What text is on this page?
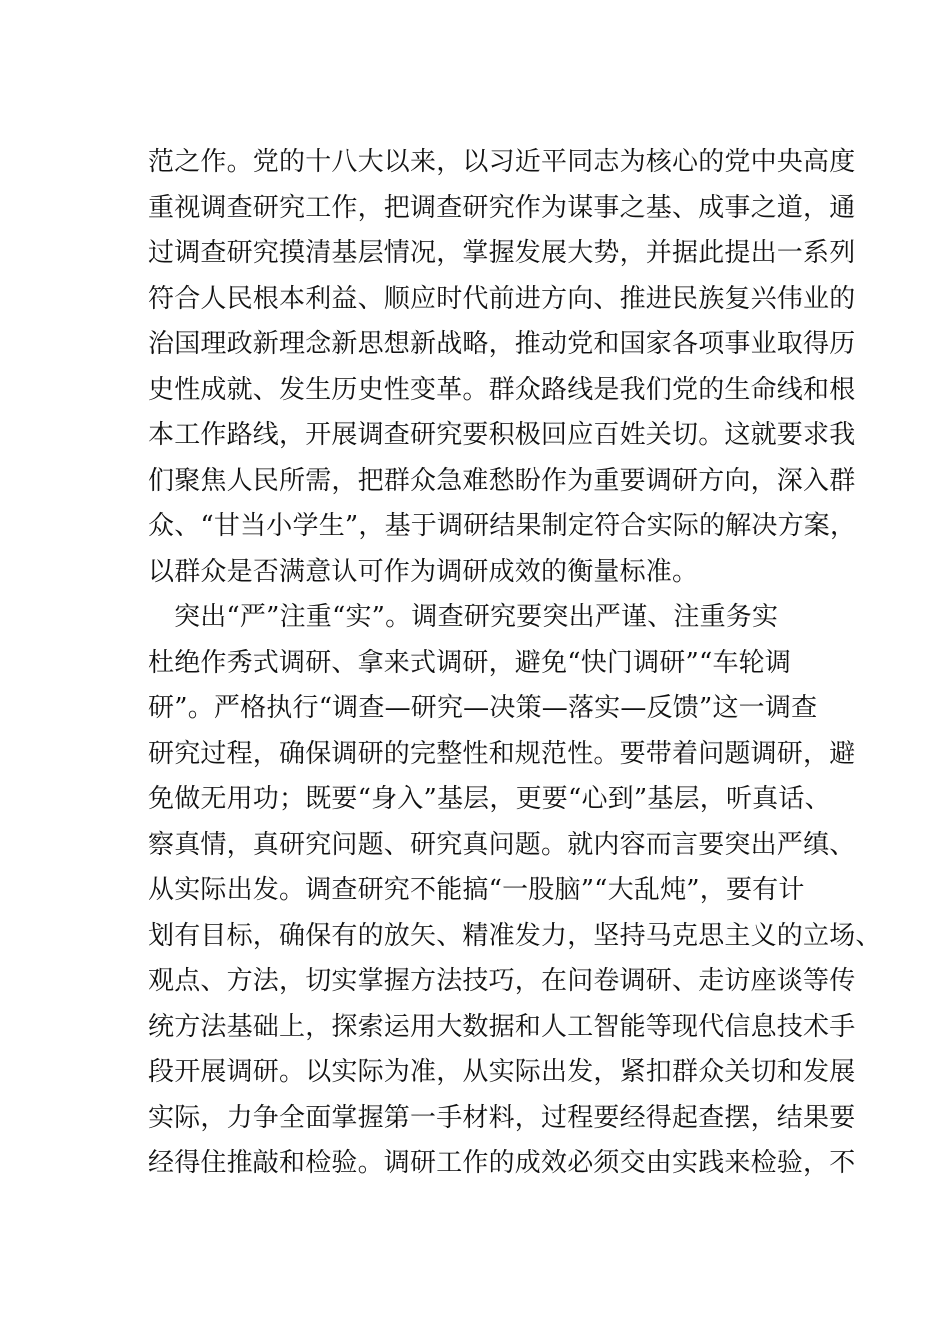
范之作。党的十八大以来，以习近平同志为核心的党中央高度
重视调查研究工作，把调查研究作为谋事之基、成事之道，通
过调查研究摸清基层情况，掌握发展大势，并据此提出一系列
符合人民根本利益、顺应时代前进方向、推进民族复兴伟业的
治国理政新理念新思想新战略，推动党和国家各项事业取得历
史性成就、发生历史性变革。群众路线是我们党的生命线和根
本工作路线，开展调查研究要积极回应百姓关切。这就要求我
们聚焦人民所需，把群众急难愁盼作为重要调研方向，深入群
众、“甘当小学生”，基于调研结果制定符合实际的解决方案，
以群众是否满意认可作为调研成效的衡量标准。
突出“严”注重“实”。调查研究要突出严谨、注重务实
杜绝作秀式调研、拿来式调研，避免“快门调研”“车轮调
研”。严格执行“调查—研究—决策—落实—反馈”这一调查
研究过程，确保调研的完整性和规范性。要带着问题调研，避
免做无用功；既要“身入”基层，更要“心到”基层，听真话、
察真情，真研究问题、研究真问题。就内容而言要突出严缜、
从实际出发。调查研究不能搞“一股脑”“大乱炖”，要有计
划有目标，确保有的放矢、精准发力，坚持马克思主义的立场、
观点、方法，切实掌握方法技巧，在问卷调研、走访座谈等传
统方法基础上，探索运用大数据和人工智能等现代信息技术手
段开展调研。以实际为准，从实际出发，紧扣群众关切和发展
实际，力争全面掌握第一手材料，过程要经得起查摆，结果要
经得住推敲和检验。调研工作的成效必须交由实践来检验，不
